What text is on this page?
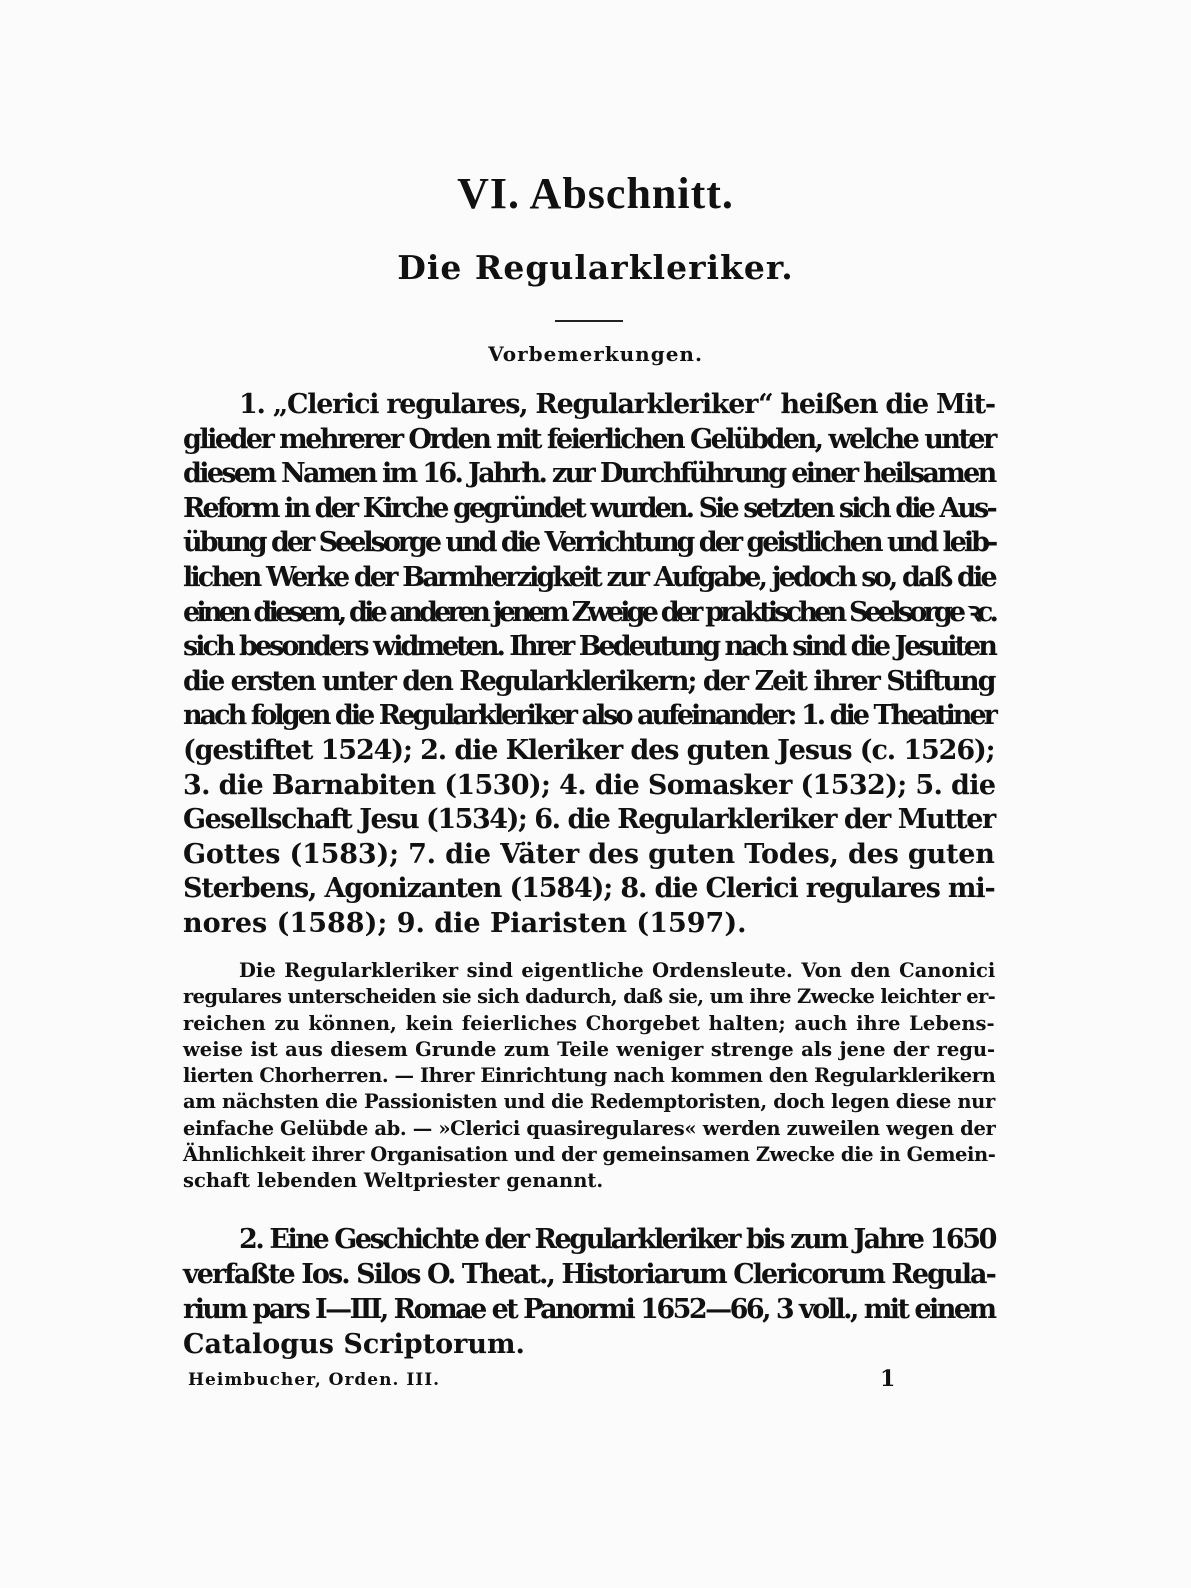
VI. Abschnitt.
Die Regularkleriker.
Vorbemerkungen.
1. „Clerici regulares, Regularkleriker“ heißen die Mit-
glieder mehrerer Orden mit feierlichen Gelübden, welche unter
diesem Namen im 16. Jahrh. zur Durchführung einer heilsamen
Reform in der Kirche gegründet wurden. Sie setzten sich die Aus-
übung der Seelsorge und die Verrichtung der geistlichen und leib-
lichen Werke der Barmherzigkeit zur Aufgabe, jedoch so, daß die
einen diesem, die anderen jenem Zweige der praktischen Seelsorge ꝛc.
sich besonders widmeten. Ihrer Bedeutung nach sind die Jesuiten
die ersten unter den Regularklerikern; der Zeit ihrer Stiftung
nach folgen die Regularkleriker also aufeinander: 1. die Theatiner
(gestiftet 1524); 2. die Kleriker des guten Jesus (c. 1526);
3. die Barnabiten (1530); 4. die Somasker (1532); 5. die
Gesellschaft Jesu (1534); 6. die Regularkleriker der Mutter
Gottes (1583); 7. die Väter des guten Todes, des guten
Sterbens, Agonizanten (1584); 8. die Clerici regulares mi-
nores (1588); 9. die Piaristen (1597).
Die Regularkleriker sind eigentliche Ordensleute. Von den Canonici
regulares unterscheiden sie sich dadurch, daß sie, um ihre Zwecke leichter er-
reichen zu können, kein feierliches Chorgebet halten; auch ihre Lebens-
weise ist aus diesem Grunde zum Teile weniger strenge als jene der regu-
lierten Chorherren. — Ihrer Einrichtung nach kommen den Regularklerikern
am nächsten die Passionisten und die Redemptoristen, doch legen diese nur
einfache Gelübde ab. — »Clerici quasiregulares« werden zuweilen wegen der
Ähnlichkeit ihrer Organisation und der gemeinsamen Zwecke die in Gemein-
schaft lebenden Weltpriester genannt.
2. Eine Geschichte der Regularkleriker bis zum Jahre 1650
verfaßte Ios. Silos O. Theat., Historiarum Clericorum Regula-
rium pars I—III, Romae et Panormi 1652—66, 3 voll., mit einem
Catalogus Scriptorum.
Heimbucher, Orden. III.	1
